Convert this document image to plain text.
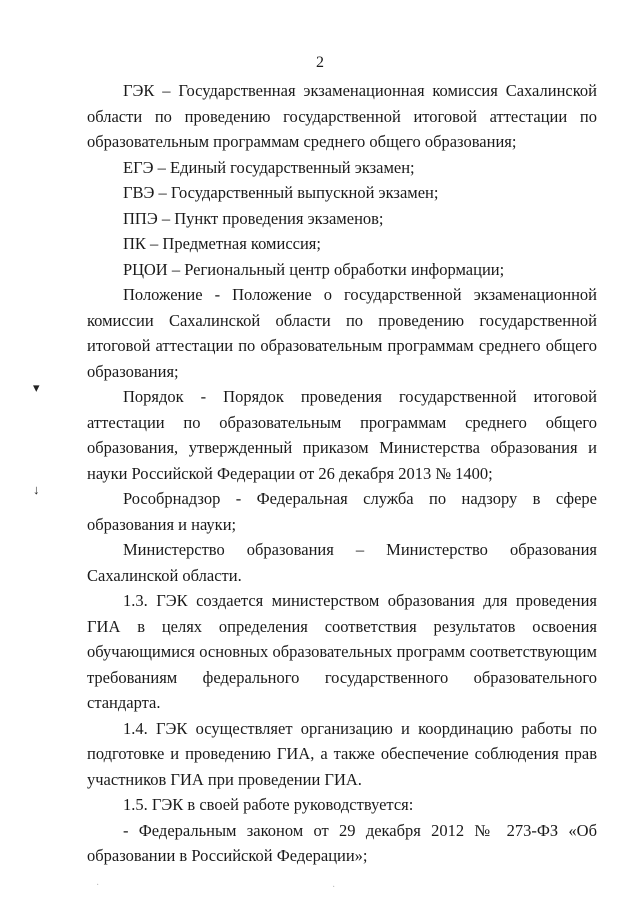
2

ГЭК – Государственная экзаменационная комиссия Сахалинской области по проведению государственной итоговой аттестации по образовательным программам среднего общего образования;

ЕГЭ – Единый государственный экзамен;

ГВЭ – Государственный выпускной экзамен;

ППЭ – Пункт проведения экзаменов;

ПК – Предметная комиссия;

РЦОИ – Региональный центр обработки информации;

Положение - Положение о государственной экзаменационной комиссии Сахалинской области по проведению государственной итоговой аттестации по образовательным программам среднего общего образования;

Порядок - Порядок проведения государственной итоговой аттестации по образовательным программам среднего общего образования, утвержденный приказом Министерства образования и науки Российской Федерации от 26 декабря 2013 № 1400;

Рособрнадзор - Федеральная служба по надзору в сфере образования и науки;

Министерство образования – Министерство образования Сахалинской области.

1.3. ГЭК создается министерством образования для проведения ГИА в целях определения соответствия результатов освоения обучающимися основных образовательных программ соответствующим требованиям федерального государственного образовательного стандарта.

1.4. ГЭК осуществляет организацию и координацию работы по подготовке и проведению ГИА, а также обеспечение соблюдения прав участников ГИА при проведении ГИА.

1.5. ГЭК в своей работе руководствуется:

- Федеральным законом от 29 декабря 2012 № 273-ФЗ «Об образовании в Российской Федерации»;

▾
↓
·	·
